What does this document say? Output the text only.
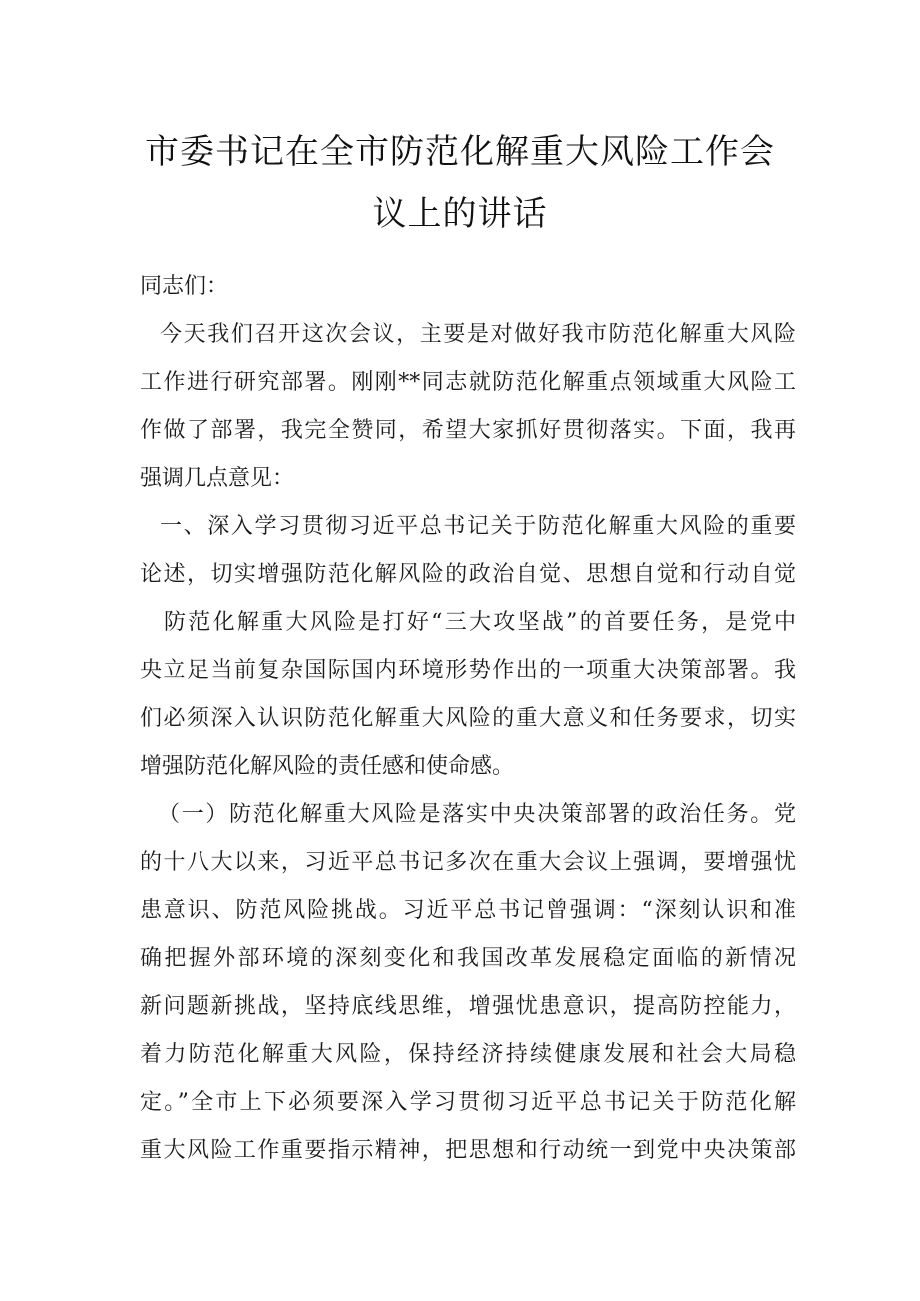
市委书记在全市防范化解重大风险工作会
议上的讲话
同志们：
今天我们召开这次会议，主要是对做好我市防范化解重大风险
工作进行研究部署。刚刚**同志就防范化解重点领域重大风险工
作做了部署，我完全赞同，希望大家抓好贯彻落实。下面，我再
强调几点意见：
一、深入学习贯彻习近平总书记关于防范化解重大风险的重要
论述，切实增强防范化解风险的政治自觉、思想自觉和行动自觉
防范化解重大风险是打好“三大攻坚战”的首要任务，是党中
央立足当前复杂国际国内环境形势作出的一项重大决策部署。我
们必须深入认识防范化解重大风险的重大意义和任务要求，切实
增强防范化解风险的责任感和使命感。
（一）防范化解重大风险是落实中央决策部署的政治任务。党
的十八大以来，习近平总书记多次在重大会议上强调，要增强忧
患意识、防范风险挑战。习近平总书记曾强调：“深刻认识和准
确把握外部环境的深刻变化和我国改革发展稳定面临的新情况
新问题新挑战，坚持底线思维，增强忧患意识，提高防控能力，
着力防范化解重大风险，保持经济持续健康发展和社会大局稳
定。”全市上下必须要深入学习贯彻习近平总书记关于防范化解
重大风险工作重要指示精神，把思想和行动统一到党中央决策部
